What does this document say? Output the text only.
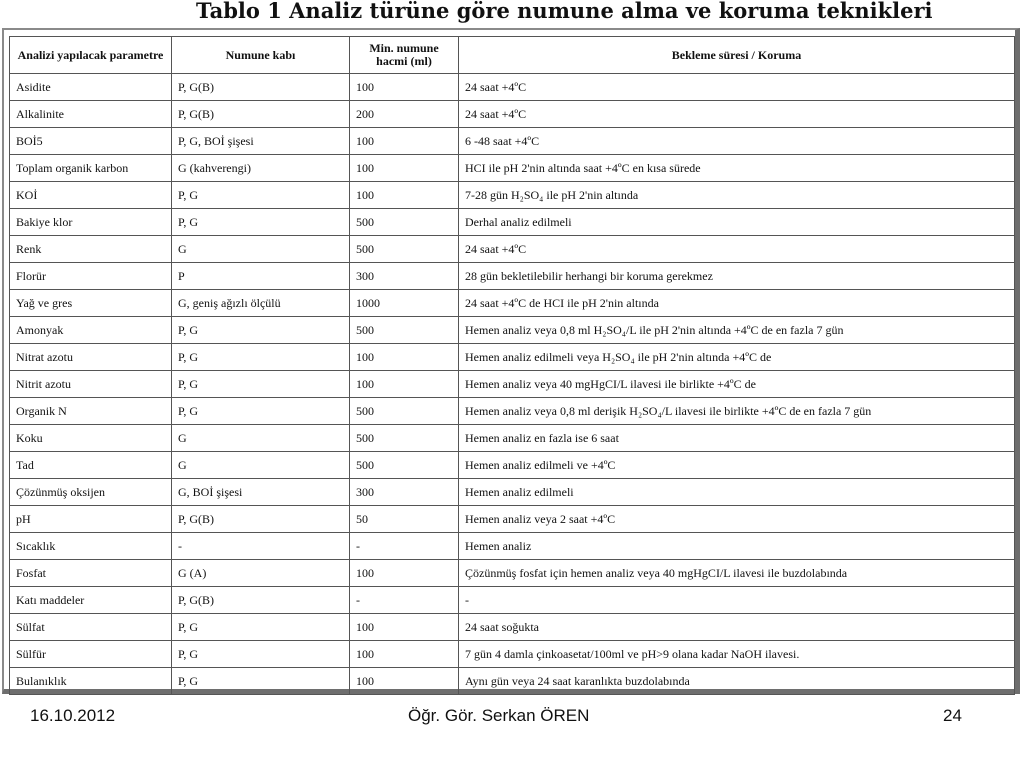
Tablo 1 Analiz türüne göre numune alma ve koruma teknikleri
Analizi yapılacak parametre	Numune kabı	Min. numune hacmi (ml)	Bekleme süresi / Koruma
Asidite	P, G(B)	100	24 saat +4ºC
Alkalinite	P, G(B)	200	24 saat +4ºC
BOİ5	P, G, BOİ şişesi	100	6 -48 saat +4ºC
Toplam organik karbon	G (kahverengi)	100	HCI ile pH 2'nin altında saat +4ºC en kısa sürede
KOİ	P, G	100	7-28 gün H₂SO₄ ile pH 2'nin altında
Bakiye klor	P, G	500	Derhal analiz edilmeli
Renk	G	500	24 saat +4ºC
Florür	P	300	28 gün bekletilebilir herhangi bir koruma gerekmez
Yağ ve gres	G, geniş ağızlı ölçülü	1000	24 saat +4ºC de HCI ile pH 2'nin altında
Amonyak	P, G	500	Hemen analiz veya 0,8 ml H₂SO₄/L ile pH 2'nin altında +4ºC de en fazla 7 gün
Nitrat azotu	P, G	100	Hemen analiz edilmeli veya H₂SO₄ ile pH 2'nin altında +4ºC de
Nitrit azotu	P, G	100	Hemen analiz veya 40 mgHgCI/L ilavesi ile birlikte +4ºC de
Organik N	P, G	500	Hemen analiz veya 0,8 ml derişik H₂SO₄/L ilavesi ile birlikte +4ºC de en fazla 7 gün
Koku	G	500	Hemen analiz en fazla ise 6 saat
Tad	G	500	Hemen analiz edilmeli ve +4ºC
Çözünmüş oksijen	G, BOİ şişesi	300	Hemen analiz edilmeli
pH	P, G(B)	50	Hemen analiz veya 2 saat +4ºC
Sıcaklık	-	-	Hemen analiz
Fosfat	G (A)	100	Çözünmüş fosfat için hemen analiz veya 40 mgHgCI/L ilavesi ile buzdolabında
Katı maddeler	P, G(B)	-	-
Sülfat	P, G	100	24 saat soğukta
Sülfür	P, G	100	7 gün 4 damla çinkoasetat/100ml ve pH>9 olana kadar NaOH ilavesi.
Bulanıklık	P, G	100	Aynı gün veya 24 saat karanlıkta buzdolabında
16.10.2012	Öğr. Gör. Serkan ÖREN	24
